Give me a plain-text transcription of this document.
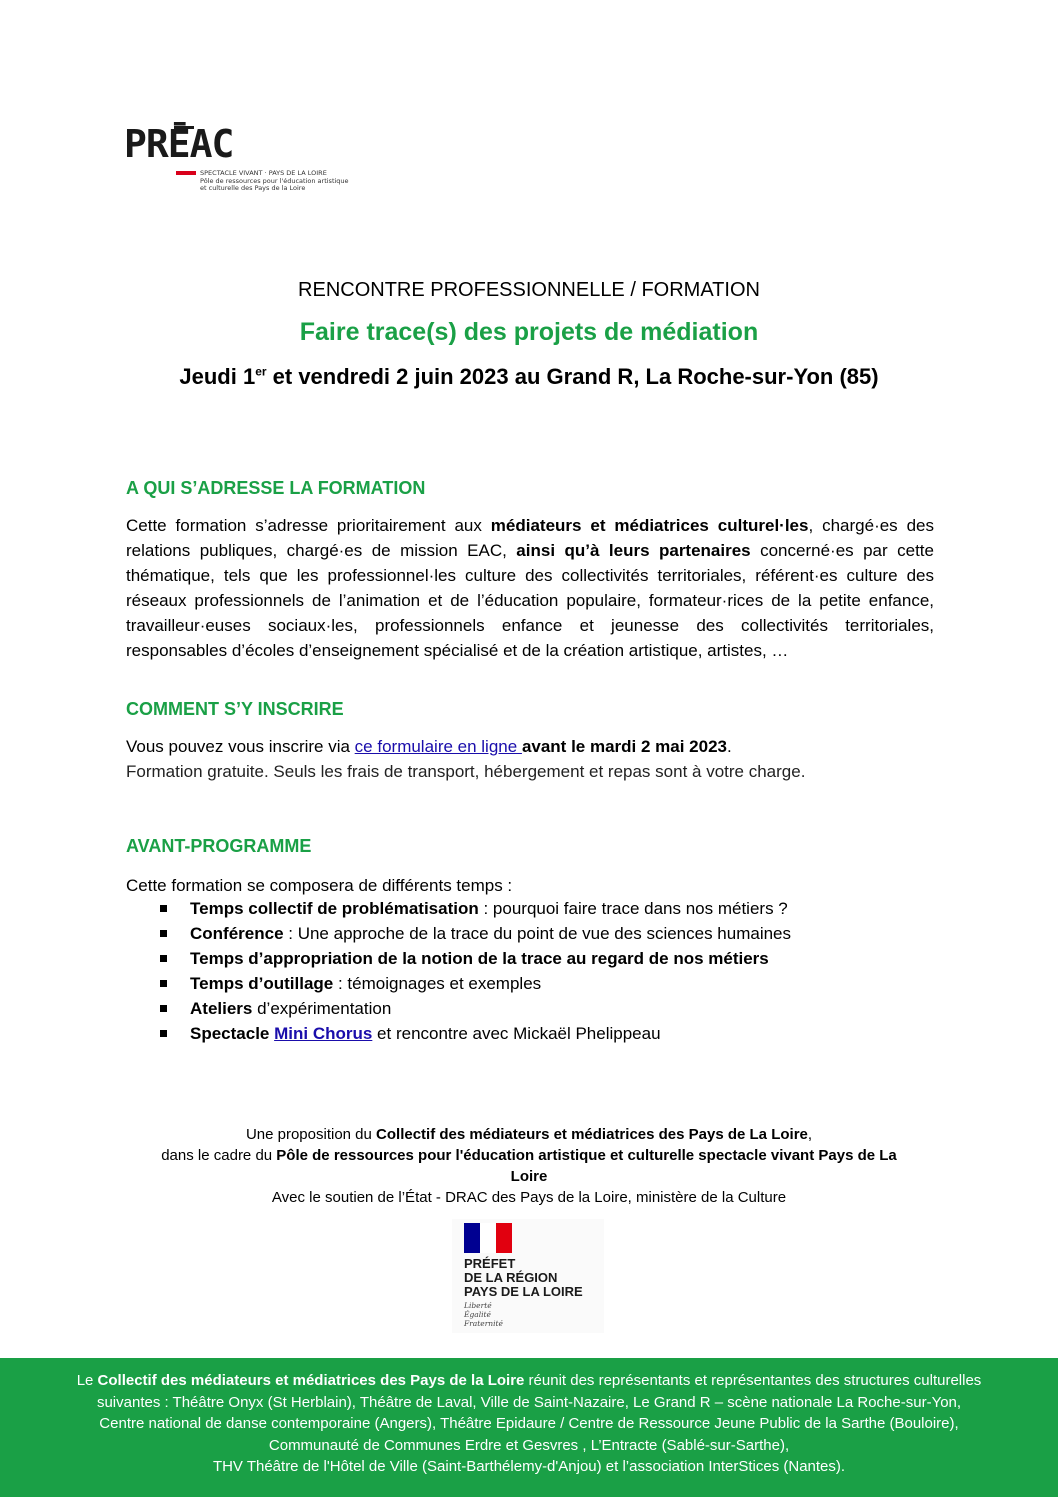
PRĒAC
SPECTACLE VIVANT · PAYS DE LA LOIRE
Pôle de ressources pour l'éducation artistique
et culturelle des Pays de la Loire
RENCONTRE PROFESSIONNELLE / FORMATION
Faire trace(s) des projets de médiation
Jeudi 1er et vendredi 2 juin 2023 au Grand R, La Roche-sur-Yon (85)
A QUI S’ADRESSE LA FORMATION
Cette formation s’adresse prioritairement aux médiateurs et médiatrices culturel·les, chargé·es des relations publiques, chargé·es de mission EAC, ainsi qu’à leurs partenaires concerné·es par cette thématique, tels que les professionnel·les culture des collectivités territoriales, référent·es culture des réseaux professionnels de l’animation et de l’éducation populaire, formateur·rices de la petite enfance, travailleur·euses sociaux·les, professionnels enfance et jeunesse des collectivités territoriales, responsables d’écoles d’enseignement spécialisé et de la création artistique, artistes, …
COMMENT S’Y INSCRIRE
Vous pouvez vous inscrire via ce formulaire en ligne avant le mardi 2 mai 2023.
Formation gratuite. Seuls les frais de transport, hébergement et repas sont à votre charge.
AVANT-PROGRAMME
Cette formation se composera de différents temps :
Temps collectif de problématisation : pourquoi faire trace dans nos métiers ?
Conférence : Une approche de la trace du point de vue des sciences humaines
Temps d’appropriation de la notion de la trace au regard de nos métiers
Temps d’outillage : témoignages et exemples
Ateliers d’expérimentation
Spectacle Mini Chorus et rencontre avec Mickaël Phelippeau
Une proposition du Collectif des médiateurs et médiatrices des Pays de La Loire,
dans le cadre du Pôle de ressources pour l'éducation artistique et culturelle spectacle vivant Pays de La
Loire
Avec le soutien de l’État - DRAC des Pays de la Loire, ministère de la Culture
PRÉFET
DE LA RÉGION
PAYS DE LA LOIRE
Liberté
Égalité
Fraternité
Le Collectif des médiateurs et médiatrices des Pays de la Loire réunit des représentants et représentantes des structures culturelles
suivantes : Théâtre Onyx (St Herblain), Théâtre de Laval, Ville de Saint-Nazaire, Le Grand R – scène nationale La Roche-sur-Yon,
Centre national de danse contemporaine (Angers), Théâtre Epidaure / Centre de Ressource Jeune Public de la Sarthe (Bouloire),
Communauté de Communes Erdre et Gesvres , L’Entracte (Sablé-sur-Sarthe),
THV Théâtre de l'Hôtel de Ville (Saint-Barthélemy-d'Anjou) et l’association InterStices (Nantes).
